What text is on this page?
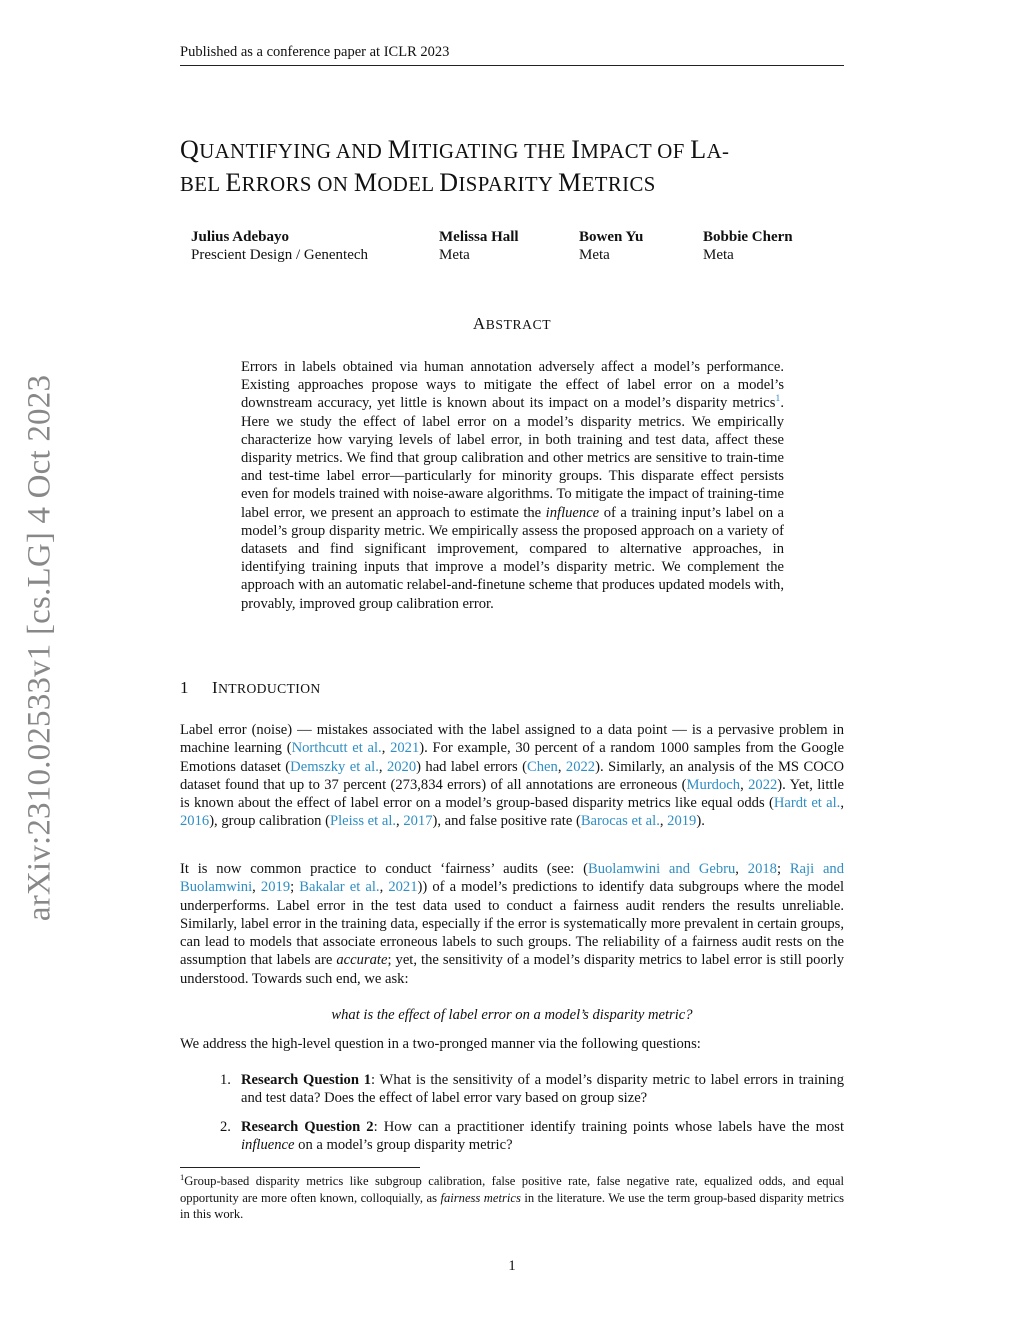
Published as a conference paper at ICLR 2023
arXiv:2310.02533v1 [cs.LG] 4 Oct 2023
QUANTIFYING AND MITIGATING THE IMPACT OF LA-
BEL ERRORS ON MODEL DISPARITY METRICS
Julius Adebayo
Prescient Design / Genentech
Melissa Hall
Meta
Bowen Yu
Meta
Bobbie Chern
Meta
ABSTRACT
Errors in labels obtained via human annotation adversely affect a model’s performance. Existing approaches propose ways to mitigate the effect of label error on a model’s downstream accuracy, yet little is known about its impact on a model’s disparity metrics$^1$. Here we study the effect of label error on a model’s disparity metrics. We empirically characterize how varying levels of label error, in both training and test data, affect these disparity metrics. We find that group calibration and other metrics are sensitive to train-time and test-time label error—particularly for minority groups. This disparate effect persists even for models trained with noise-aware algorithms. To mitigate the impact of training-time label error, we present an approach to estimate the influence of a training input’s label on a model’s group disparity metric. We empirically assess the proposed approach on a variety of datasets and find significant improvement, compared to alternative approaches, in identifying training inputs that improve a model’s disparity metric. We complement the approach with an automatic relabel-and-finetune scheme that produces updated models with, provably, improved group calibration error.
1 INTRODUCTION
Label error (noise) — mistakes associated with the label assigned to a data point — is a pervasive problem in machine learning (Northcutt et al., 2021). For example, 30 percent of a random 1000 samples from the Google Emotions dataset (Demszky et al., 2020) had label errors (Chen, 2022). Similarly, an analysis of the MS COCO dataset found that up to 37 percent (273,834 errors) of all annotations are erroneous (Murdoch, 2022). Yet, little is known about the effect of label error on a model’s group-based disparity metrics like equal odds (Hardt et al., 2016), group calibration (Pleiss et al., 2017), and false positive rate (Barocas et al., 2019).
It is now common practice to conduct ‘fairness’ audits (see: (Buolamwini and Gebru, 2018; Raji and Buolamwini, 2019; Bakalar et al., 2021)) of a model’s predictions to identify data subgroups where the model underperforms. Label error in the test data used to conduct a fairness audit renders the results unreliable. Similarly, label error in the training data, especially if the error is systematically more prevalent in certain groups, can lead to models that associate erroneous labels to such groups. The reliability of a fairness audit rests on the assumption that labels are accurate; yet, the sensitivity of a model’s disparity metrics to label error is still poorly understood. Towards such end, we ask:
what is the effect of label error on a model’s disparity metric?
We address the high-level question in a two-pronged manner via the following questions:
1. Research Question 1: What is the sensitivity of a model’s disparity metric to label errors in training and test data? Does the effect of label error vary based on group size?
2. Research Question 2: How can a practitioner identify training points whose labels have the most influence on a model’s group disparity metric?
$^1$Group-based disparity metrics like subgroup calibration, false positive rate, false negative rate, equalized odds, and equal opportunity are more often known, colloquially, as fairness metrics in the literature. We use the term group-based disparity metrics in this work.
1
